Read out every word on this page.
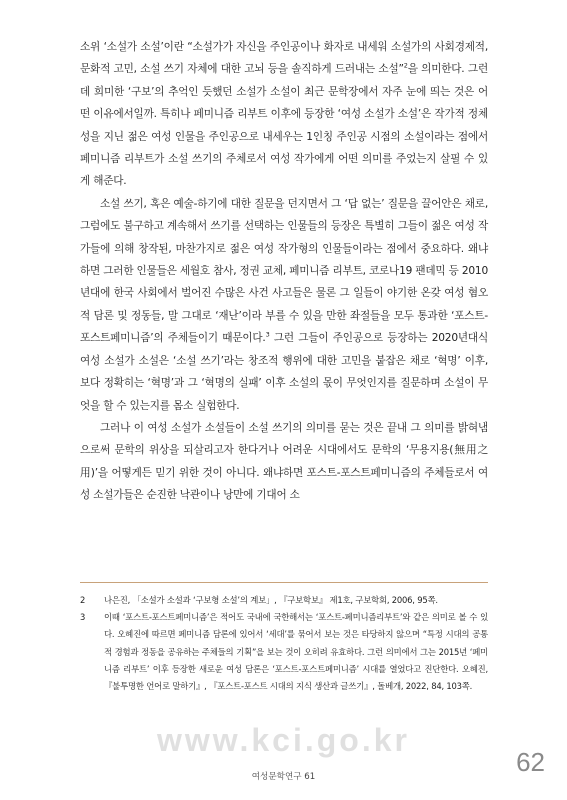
소위 ‘소설가 소설’이란 “소설가가 자신을 주인공이나 화자로 내세워 소설가의 사회경제적, 문화적 고민, 소설 쓰기 자체에 대한 고뇌 등을 솔직하게 드러내는 소설”$^2$을 의미한다. 그런데 희미한 ‘구보’의 추억인 듯했던 소설가 소설이 최근 문학장에서 자주 눈에 띄는 것은 어떤 이유에서일까. 특히나 페미니즘 리부트 이후에 등장한 ‘여성 소설가 소설’은 작가적 정체성을 지닌 젊은 여성 인물을 주인공으로 내세우는 1인칭 주인공 시점의 소설이라는 점에서 페미니즘 리부트가 소설 쓰기의 주체로서 여성 작가에게 어떤 의미를 주었는지 살필 수 있게 해준다.

소설 쓰기, 혹은 예술-하기에 대한 질문을 던지면서 그 ‘답 없는’ 질문을 끌어안은 채로, 그럼에도 불구하고 계속해서 쓰기를 선택하는 인물들의 등장은 특별히 그들이 젊은 여성 작가들에 의해 창작된, 마찬가지로 젊은 여성 작가형의 인물들이라는 점에서 중요하다. 왜냐하면 그러한 인물들은 세월호 참사, 정권 교체, 페미니즘 리부트, 코로나19 팬데믹 등 2010년대에 한국 사회에서 벌어진 수많은 사건 사고들은 물론 그 일들이 야기한 온갖 여성 혐오적 담론 및 정동들, 말 그대로 ‘재난’이라 부를 수 있을 만한 좌절들을 모두 통과한 ‘포스트-포스트페미니즘’의 주체들이기 때문이다.$^3$ 그런 그들이 주인공으로 등장하는 2020년대식 여성 소설가 소설은 ‘소설 쓰기’라는 창조적 행위에 대한 고민을 붙잡은 채로 ‘혁명’ 이후, 보다 정확히는 ‘혁명’과 그 ‘혁명의 실패’ 이후 소설의 몫이 무엇인지를 질문하며 소설이 무엇을 할 수 있는지를 몸소 실험한다.

그러나 이 여성 소설가 소설들이 소설 쓰기의 의미를 묻는 것은 끝내 그 의미를 밝혀냄으로써 문학의 위상을 되살리고자 한다거나 어려운 시대에서도 문학의 ‘무용지용(無用之用)’을 어떻게든 믿기 위한 것이 아니다. 왜냐하면 포스트-포스트페미니즘의 주체들로서 여성 소설가들은 순진한 낙관이나 낭만에 기대어 소

2	나은진, 「소설가 소설과 ‘구보형 소설’의 계보」, 『구보학보』 제1호, 구보학회, 2006, 95쪽.
3	이때 ‘포스트-포스트페미니즘’은 적어도 국내에 국한해서는 ‘포스트-페미니즘리부트’와 같은 의미로 볼 수 있다. 오혜진에 따르면 페미니즘 담론에 있어서 ‘세대’를 묶어서 보는 것은 타당하지 않으며 “특정 시대의 공통적 경험과 정동을 공유하는 주체들의 기획”을 보는 것이 오히려 유효하다. 그런 의미에서 그는 2015년 ‘페미니즘 리부트’ 이후 등장한 새로운 여성 담론은 ‘포스트-포스트페미니즘’ 시대를 열었다고 진단한다. 오혜진, 『불투명한 언어로 말하기』, 『포스트-포스트 시대의 지식 생산과 글쓰기』, 돌베개, 2022, 84, 103쪽.
www.kci.go.kr
여성문학연구 61	62
